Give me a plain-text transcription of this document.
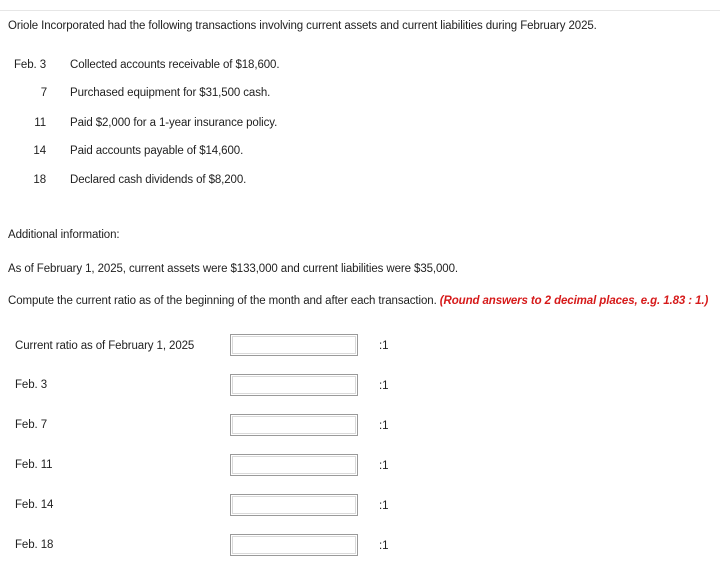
Oriole Incorporated had the following transactions involving current assets and current liabilities during February 2025.
Feb. 3 Collected accounts receivable of $18,600.
7 Purchased equipment for $31,500 cash.
11 Paid $2,000 for a 1-year insurance policy.
14 Paid accounts payable of $14,600.
18 Declared cash dividends of $8,200.
Additional information:
As of February 1, 2025, current assets were $133,000 and current liabilities were $35,000.
Compute the current ratio as of the beginning of the month and after each transaction. (Round answers to 2 decimal places, e.g. 1.83 : 1.)
Current ratio as of February 1, 2025	:1
Feb. 3	:1
Feb. 7	:1
Feb. 11	:1
Feb. 14	:1
Feb. 18	:1
